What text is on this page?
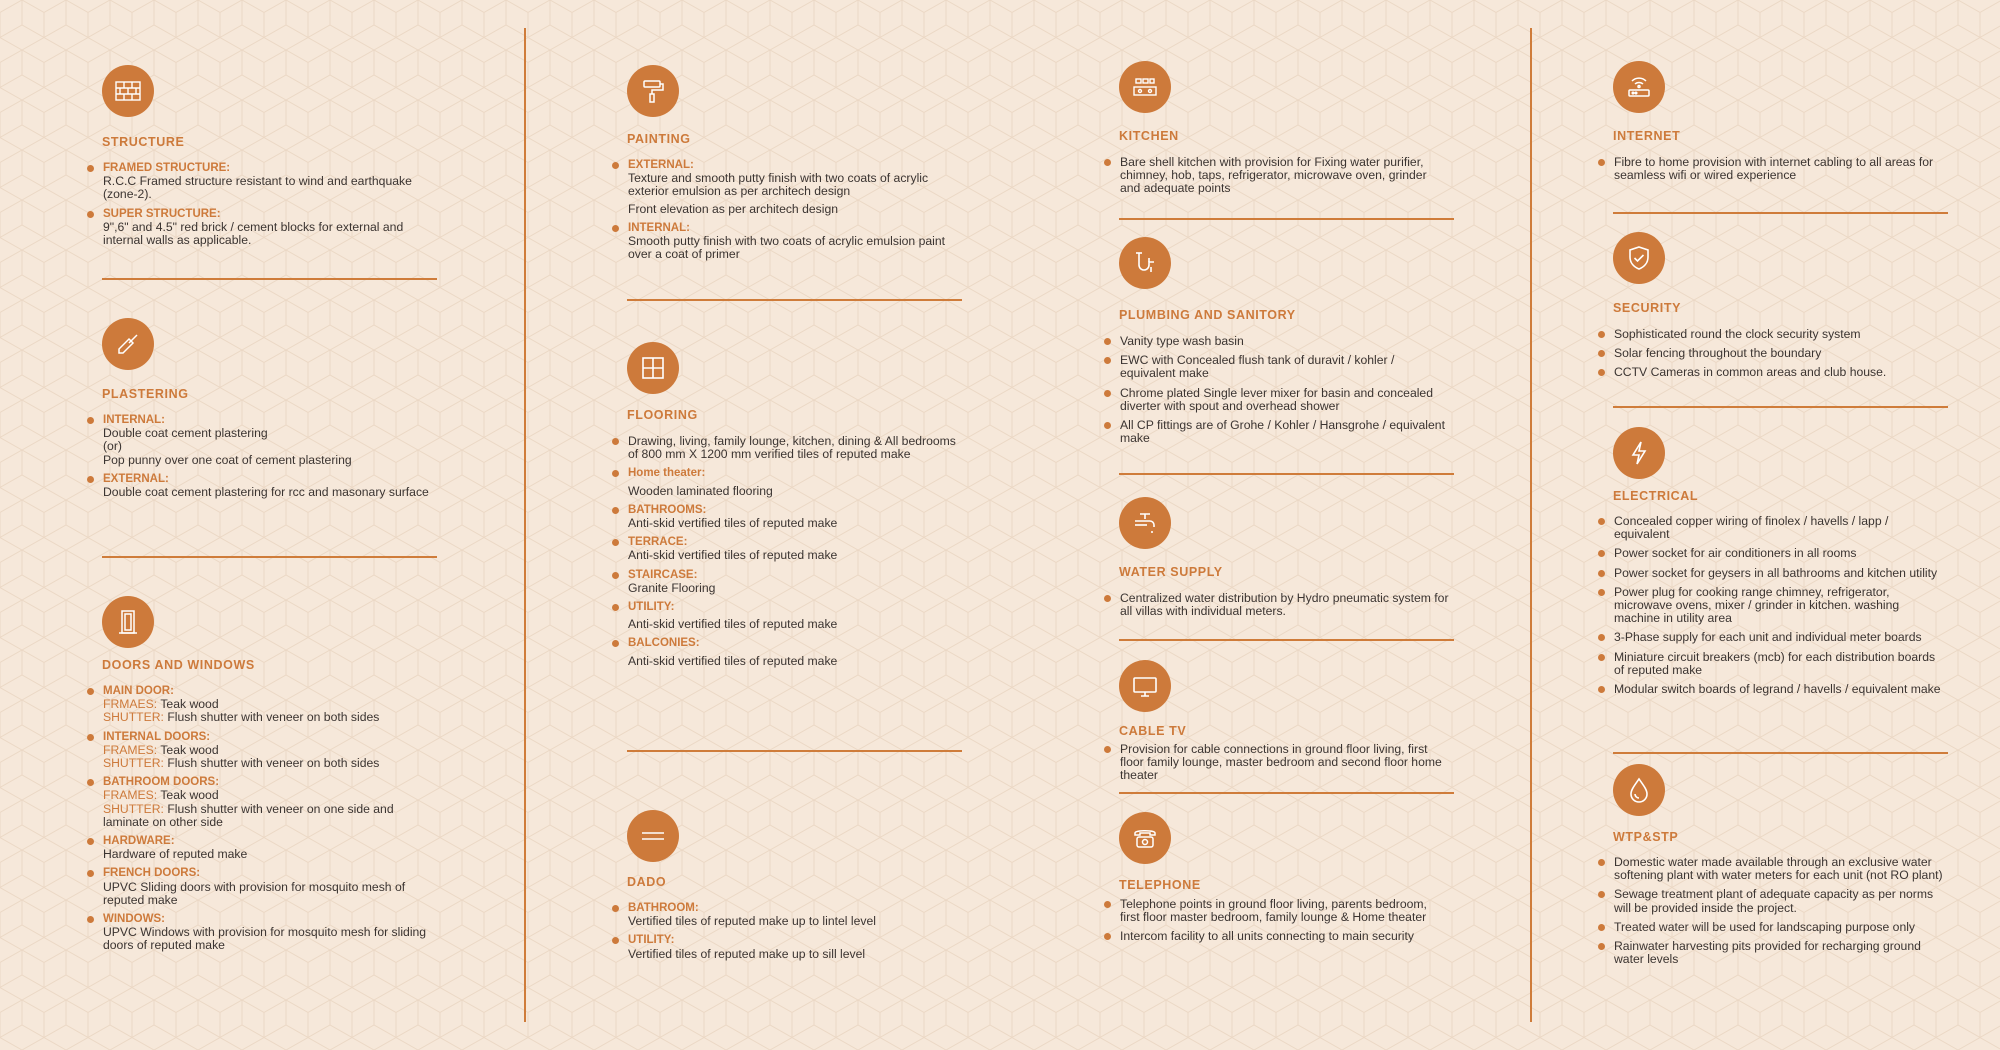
STRUCTURE
FRAMED STRUCTURE:
R.C.C Framed structure resistant to wind and earthquake (zone-2).
SUPER STRUCTURE:
9",6" and 4.5" red brick / cement blocks for external and internal walls as applicable.
PLASTERING
INTERNAL:
Double coat cement plastering
(or)
Pop punny over one coat of cement plastering
EXTERNAL:
Double coat cement plastering for rcc and masonary surface
DOORS AND WINDOWS
MAIN DOOR:
FRMAES: Teak wood
SHUTTER: Flush shutter with veneer on both sides
INTERNAL DOORS:
FRAMES: Teak wood
SHUTTER: Flush shutter with veneer on both sides
BATHROOM DOORS:
FRAMES: Teak wood
SHUTTER: Flush shutter with veneer on one side and laminate on other side
HARDWARE:
Hardware of reputed make
FRENCH DOORS:
UPVC Sliding doors with provision for mosquito mesh of reputed make
WINDOWS:
UPVC Windows with provision for mosquito mesh for sliding doors of reputed make
PAINTING
EXTERNAL:
Texture and smooth putty finish with two coats of acrylic exterior emulsion as per architech design
Front elevation as per architech design
INTERNAL:
Smooth putty finish with two coats of acrylic emulsion paint over a coat of primer
FLOORING
Drawing, living, family lounge, kitchen, dining & All bedrooms of 800 mm X 1200 mm verified tiles of reputed make
Home theater:
Wooden laminated flooring
BATHROOMS:
Anti-skid vertified tiles of reputed make
TERRACE:
Anti-skid vertified tiles of reputed make
STAIRCASE:
Granite Flooring
UTILITY:
Anti-skid vertified tiles of reputed make
BALCONIES:
Anti-skid vertified tiles of reputed make
DADO
BATHROOM:
Vertified tiles of reputed make up to lintel level
UTILITY:
Vertified tiles of reputed make up to sill level
KITCHEN
Bare shell kitchen with provision for Fixing water purifier, chimney, hob, taps, refrigerator, microwave oven, grinder and adequate points
PLUMBING AND SANITORY
Vanity type wash basin
EWC with Concealed flush tank of duravit / kohler / equivalent make
Chrome plated Single lever mixer for basin and concealed diverter with spout and overhead shower
All CP fittings are of Grohe / Kohler / Hansgrohe / equivalent make
WATER SUPPLY
Centralized water distribution by Hydro pneumatic system for all villas with individual meters.
CABLE TV
Provision for cable connections in ground floor living, first floor family lounge, master bedroom and second floor home theater
TELEPHONE
Telephone points in ground floor living, parents bedroom, first floor master bedroom, family lounge & Home theater
Intercom facility to all units connecting to main security
INTERNET
Fibre to home provision with internet cabling to all areas for seamless wifi or wired experience
SECURITY
Sophisticated round the clock security system
Solar fencing throughout the boundary
CCTV Cameras in common areas and club house.
ELECTRICAL
Concealed copper wiring of finolex / havells / lapp / equivalent
Power socket for air conditioners in all rooms
Power socket for geysers in all bathrooms and kitchen utility
Power plug for cooking range chimney, refrigerator, microwave ovens, mixer / grinder in kitchen. washing machine in utility area
3-Phase supply for each unit and individual meter boards
Miniature circuit breakers (mcb) for each distribution boards of reputed make
Modular switch boards of legrand / havells / equivalent make
WTP&STP
Domestic water made available through an exclusive water softening plant with water meters for each unit (not RO plant)
Sewage treatment plant of adequate capacity as per norms will be provided inside the project.
Treated water will be used for landscaping purpose only
Rainwater harvesting pits provided for recharging ground water levels
